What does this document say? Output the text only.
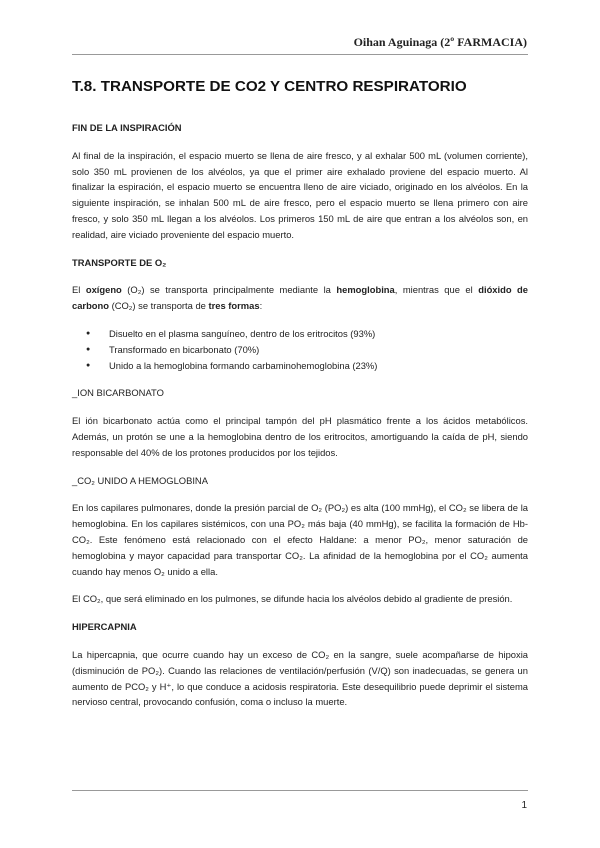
Oihan Aguinaga (2º FARMACIA)
T.8. TRANSPORTE DE CO2 Y CENTRO RESPIRATORIO

FIN DE LA INSPIRACIÓN

Al final de la inspiración, el espacio muerto se llena de aire fresco, y al exhalar 500 mL (volumen corriente), solo 350 mL provienen de los alvéolos, ya que el primer aire exhalado proviene del espacio muerto. Al finalizar la espiración, el espacio muerto se encuentra lleno de aire viciado, originado en los alvéolos. En la siguiente inspiración, se inhalan 500 mL de aire fresco, pero el espacio muerto se llena primero con aire fresco, y solo 350 mL llegan a los alvéolos. Los primeros 150 mL de aire que entran a los alvéolos son, en realidad, aire viciado proveniente del espacio muerto.

TRANSPORTE DE O₂

El oxígeno (O₂) se transporta principalmente mediante la hemoglobina, mientras que el dióxido de carbono (CO₂) se transporta de tres formas:

● Disuelto en el plasma sanguíneo, dentro de los eritrocitos (93%)
● Transformado en bicarbonato (70%)
● Unido a la hemoglobina formando carbaminohemoglobina (23%)

_ION BICARBONATO

El ión bicarbonato actúa como el principal tampón del pH plasmático frente a los ácidos metabólicos. Además, un protón se une a la hemoglobina dentro de los eritrocitos, amortiguando la caída de pH, siendo responsable del 40% de los protones producidos por los tejidos.

_CO₂ UNIDO A HEMOGLOBINA

En los capilares pulmonares, donde la presión parcial de O₂ (PO₂) es alta (100 mmHg), el CO₂ se libera de la hemoglobina. En los capilares sistémicos, con una PO₂ más baja (40 mmHg), se facilita la formación de Hb-CO₂. Este fenómeno está relacionado con el efecto Haldane: a menor PO₂, menor saturación de hemoglobina y mayor capacidad para transportar CO₂. La afinidad de la hemoglobina por el CO₂ aumenta cuando hay menos O₂ unido a ella.

El CO₂, que será eliminado en los pulmones, se difunde hacia los alvéolos debido al gradiente de presión.

HIPERCAPNIA

La hipercapnia, que ocurre cuando hay un exceso de CO₂ en la sangre, suele acompañarse de hipoxia (disminución de PO₂). Cuando las relaciones de ventilación/perfusión (V/Q) son inadecuadas, se genera un aumento de PCO₂ y H⁺, lo que conduce a acidosis respiratoria. Este desequilibrio puede deprimir el sistema nervioso central, provocando confusión, coma o incluso la muerte.

1
